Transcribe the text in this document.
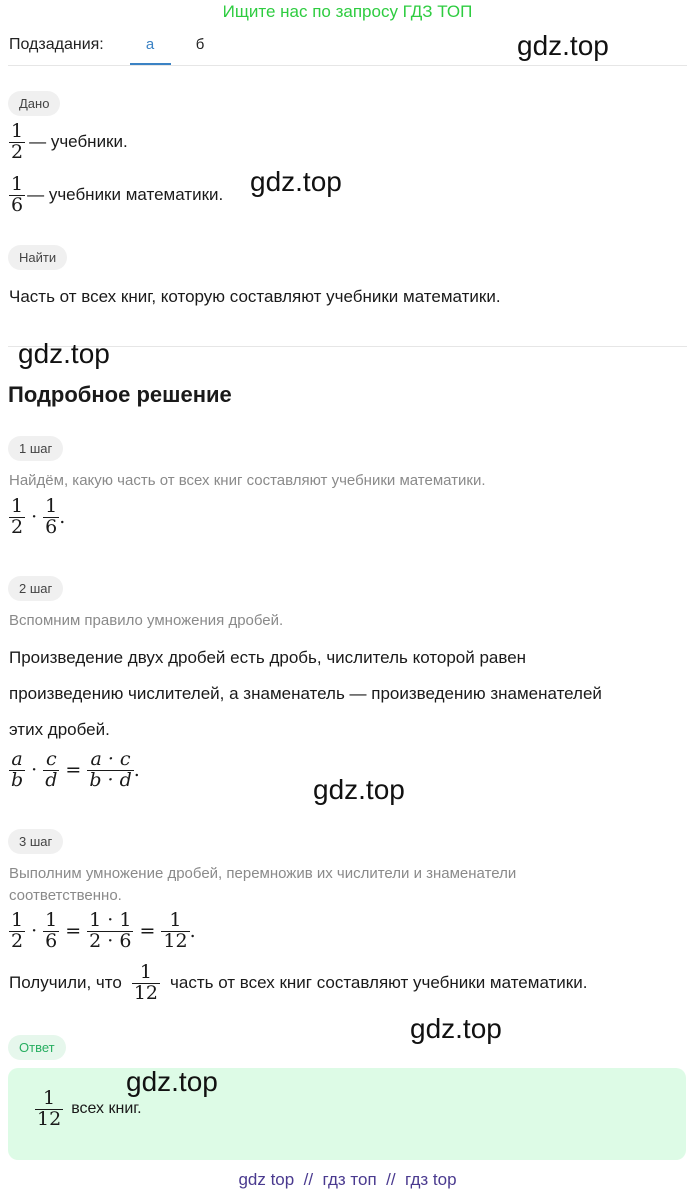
Ищите нас по запросу ГДЗ ТОП
Подзадания:	а	б	gdz.top
Дано
$\frac{1}{2}$ — учебники.
$\frac{1}{6}$ — учебники математики. gdz.top
Найти
Часть от всех книг, которую составляют учебники математики.
gdz.top
Подробное решение
1 шаг
Найдём, какую часть от всех книг составляют учебники математики.
$\frac{1}{2} \cdot \frac{1}{6}$ .
2 шаг
Вспомним правило умножения дробей.
Произведение двух дробей есть дробь, числитель которой равен
произведению числителей, а знаменатель — произведению знаменателей
этих дробей.
$\frac{a}{b} \cdot \frac{c}{d} = \frac{a \cdot c}{b \cdot d}$ .
gdz.top
3 шаг
Выполним умножение дробей, перемножив их числители и знаменатели
соответственно.
$\frac{1}{2} \cdot \frac{1}{6} = \frac{1 \cdot 1}{2 \cdot 6} = \frac{1}{12}$ .
Получили, что $\frac{1}{12}$ часть от всех книг составляют учебники математики.
gdz.top
Ответ
$\frac{1}{12}$ всех книг.
gdz.top
gdz top  //  гдз топ  //  гдз top
